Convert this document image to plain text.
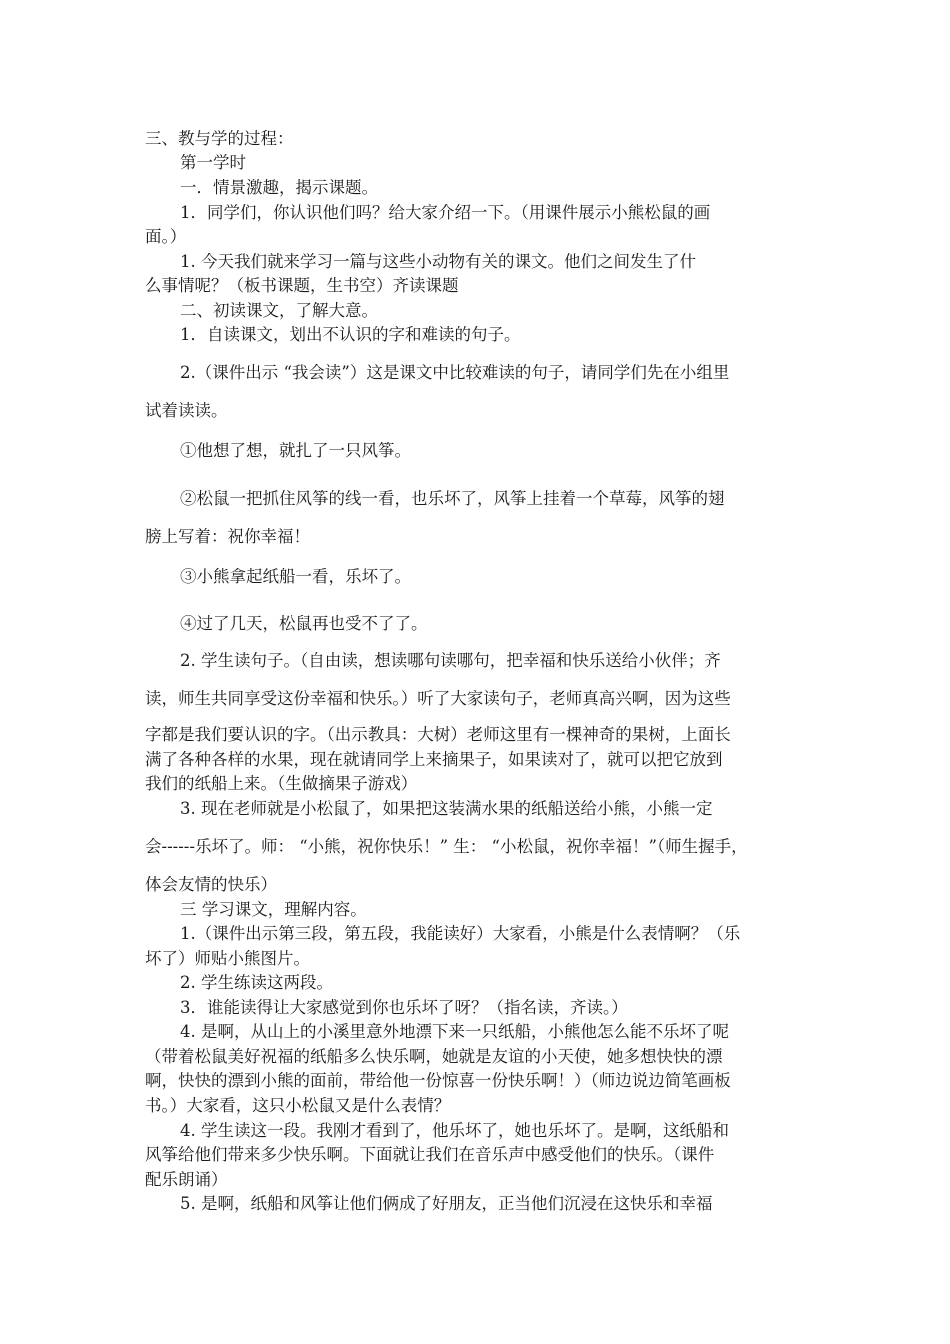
三、教与学的过程：
第一学时
一．情景激趣，揭示课题。
1．同学们，你认识他们吗？给大家介绍一下。（用课件展示小熊松鼠的画
面。）
1. 今天我们就来学习一篇与这些小动物有关的课文。他们之间发生了什
么事情呢？（板书课题，生书空）齐读课题
二、初读课文，了解大意。
1．自读课文，划出不认识的字和难读的句子。
2.（课件出示 “我会读”）这是课文中比较难读的句子，请同学们先在小组里
试着读读。
①他想了想，就扎了一只风筝。
②松鼠一把抓住风筝的线一看，也乐坏了，风筝上挂着一个草莓，风筝的翅
膀上写着：祝你幸福！
③小熊拿起纸船一看，乐坏了。
④过了几天，松鼠再也受不了了。
2. 学生读句子。（自由读，想读哪句读哪句，把幸福和快乐送给小伙伴；齐
读，师生共同享受这份幸福和快乐。）听了大家读句子，老师真高兴啊，因为这些
字都是我们要认识的字。（出示教具：大树）老师这里有一棵神奇的果树，上面长
满了各种各样的水果，现在就请同学上来摘果子，如果读对了，就可以把它放到
我们的纸船上来。（生做摘果子游戏）
3. 现在老师就是小松鼠了，如果把这装满水果的纸船送给小熊，小熊一定
会------乐坏了。师： “小熊，祝你快乐！” 生： “小松鼠，祝你幸福！”（师生握手，
体会友情的快乐）
三 学习课文，理解内容。
1.（课件出示第三段，第五段，我能读好）大家看，小熊是什么表情啊？（乐
坏了）师贴小熊图片。
2. 学生练读这两段。
3．谁能读得让大家感觉到你也乐坏了呀？（指名读，齐读。）
4. 是啊，从山上的小溪里意外地漂下来一只纸船，小熊他怎么能不乐坏了呢
（带着松鼠美好祝福的纸船多么快乐啊，她就是友谊的小天使，她多想快快的漂
啊，快快的漂到小熊的面前，带给他一份惊喜一份快乐啊！）（师边说边简笔画板
书。）大家看，这只小松鼠又是什么表情？
4. 学生读这一段。我刚才看到了，他乐坏了，她也乐坏了。是啊，这纸船和
风筝给他们带来多少快乐啊。下面就让我们在音乐声中感受他们的快乐。（课件
配乐朗诵）
5. 是啊，纸船和风筝让他们俩成了好朋友，正当他们沉浸在这快乐和幸福
